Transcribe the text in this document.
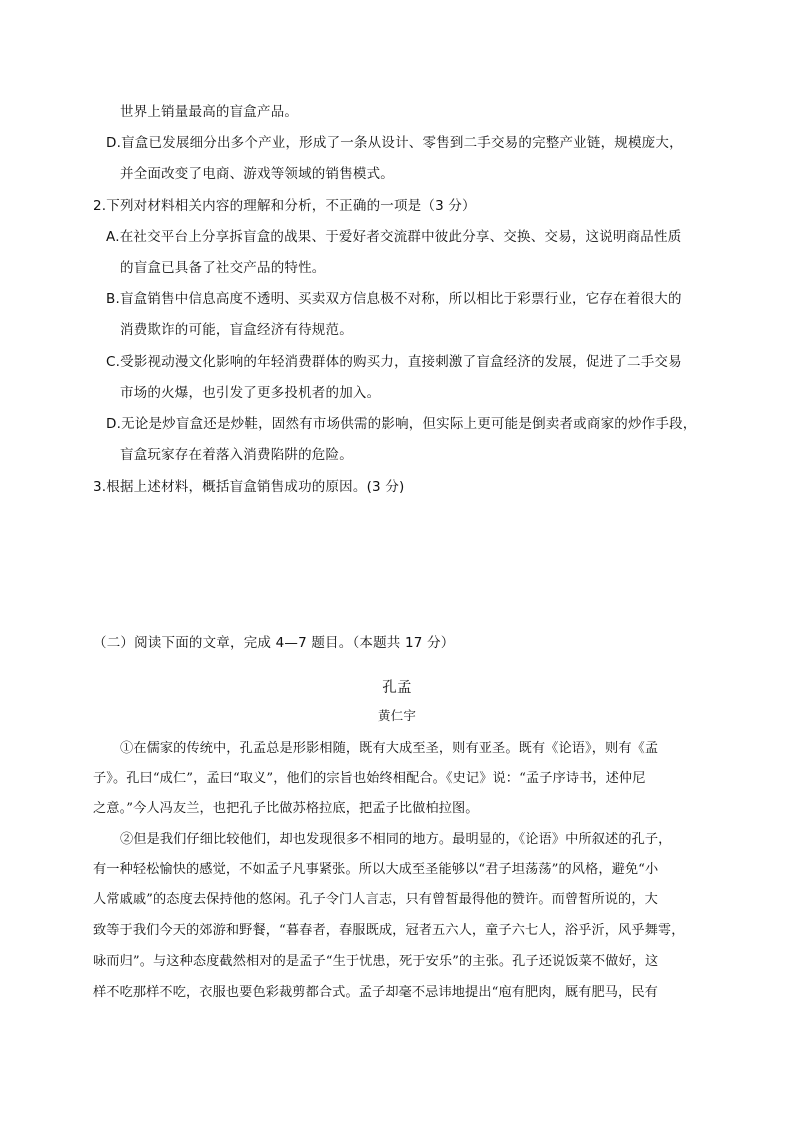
世界上销量最高的盲盒产品。
D.盲盒已发展细分出多个产业，形成了一条从设计、零售到二手交易的完整产业链，规模庞大，
并全面改变了电商、游戏等领域的销售模式。
2.下列对材料相关内容的理解和分析，不正确的一项是（3 分）
A.在社交平台上分享拆盲盒的战果、于爱好者交流群中彼此分享、交换、交易，这说明商品性质
的盲盒已具备了社交产品的特性。
B.盲盒销售中信息高度不透明、买卖双方信息极不对称，所以相比于彩票行业，它存在着很大的
消费欺诈的可能，盲盒经济有待规范。
C.受影视动漫文化影响的年轻消费群体的购买力，直接刺激了盲盒经济的发展，促进了二手交易
市场的火爆，也引发了更多投机者的加入。
D.无论是炒盲盒还是炒鞋，固然有市场供需的影响，但实际上更可能是倒卖者或商家的炒作手段，
盲盒玩家存在着落入消费陷阱的危险。
3.根据上述材料，概括盲盒销售成功的原因。(3 分)
（二）阅读下面的文章，完成 4—7 题目。（本题共 17 分）
孔孟
黄仁宇
①在儒家的传统中，孔孟总是形影相随，既有大成至圣，则有亚圣。既有《论语》，则有《孟
子》。孔曰“成仁”，孟曰“取义”，他们的宗旨也始终相配合。《史记》说：“孟子序诗书，述仲尼
之意。”今人冯友兰，也把孔子比做苏格拉底，把孟子比做柏拉图。
②但是我们仔细比较他们，却也发现很多不相同的地方。最明显的，《论语》中所叙述的孔子，
有一种轻松愉快的感觉，不如孟子凡事紧张。所以大成至圣能够以“君子坦荡荡”的风格，避免“小
人常戚戚”的态度去保持他的悠闲。孔子令门人言志，只有曾皙最得他的赞许。而曾皙所说的，大
致等于我们今天的郊游和野餐，“暮春者，春服既成，冠者五六人，童子六七人，浴乎沂，风乎舞雩，
咏而归”。与这种态度截然相对的是孟子“生于忧患，死于安乐”的主张。孔子还说饭菜不做好，这
样不吃那样不吃，衣服也要色彩裁剪都合式。孟子却毫不忌讳地提出“庖有肥肉，厩有肥马，民有
